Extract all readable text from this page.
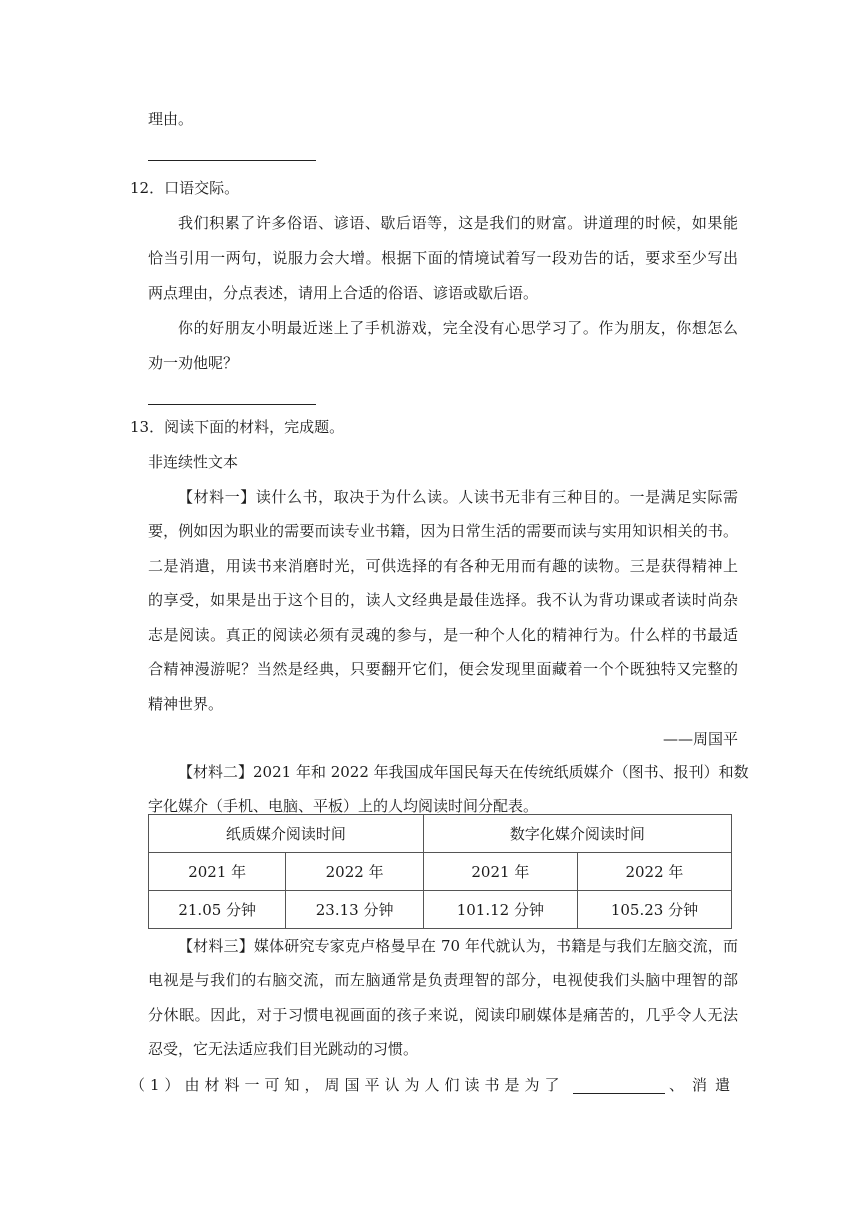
理由。
12．口语交际。
我们积累了许多俗语、谚语、歇后语等，这是我们的财富。讲道理的时候，如果能
恰当引用一两句，说服力会大增。根据下面的情境试着写一段劝告的话，要求至少写出
两点理由，分点表述，请用上合适的俗语、谚语或歇后语。
你的好朋友小明最近迷上了手机游戏，完全没有心思学习了。作为朋友，你想怎么
劝一劝他呢？
13．阅读下面的材料，完成题。
非连续性文本
【材料一】读什么书，取决于为什么读。人读书无非有三种目的。一是满足实际需
要，例如因为职业的需要而读专业书籍，因为日常生活的需要而读与实用知识相关的书。
二是消遣，用读书来消磨时光，可供选择的有各种无用而有趣的读物。三是获得精神上
的享受，如果是出于这个目的，读人文经典是最佳选择。我不认为背功课或者读时尚杂
志是阅读。真正的阅读必须有灵魂的参与，是一种个人化的精神行为。什么样的书最适
合精神漫游呢？当然是经典，只要翻开它们，便会发现里面藏着一个个既独特又完整的
精神世界。
——周国平
【材料二】2021 年和 2022 年我国成年国民每天在传统纸质媒介（图书、报刊）和数
字化媒介（手机、电脑、平板）上的人均阅读时间分配表。
纸质媒介阅读时间		数字化媒介阅读时间	
2021 年	2022 年	2021 年	2022 年
21.05 分钟	23.13 分钟	101.12 分钟	105.23 分钟
【材料三】媒体研究专家克卢格曼早在 70 年代就认为，书籍是与我们左脑交流，而
电视是与我们的右脑交流，而左脑通常是负责理智的部分，电视使我们头脑中理智的部
分休眠。因此，对于习惯电视画面的孩子来说，阅读印刷媒体是痛苦的，几乎令人无法
忍受，它无法适应我们目光跳动的习惯。
（1）由材料一可知，周国平认为人们读书是为了	、消遣
